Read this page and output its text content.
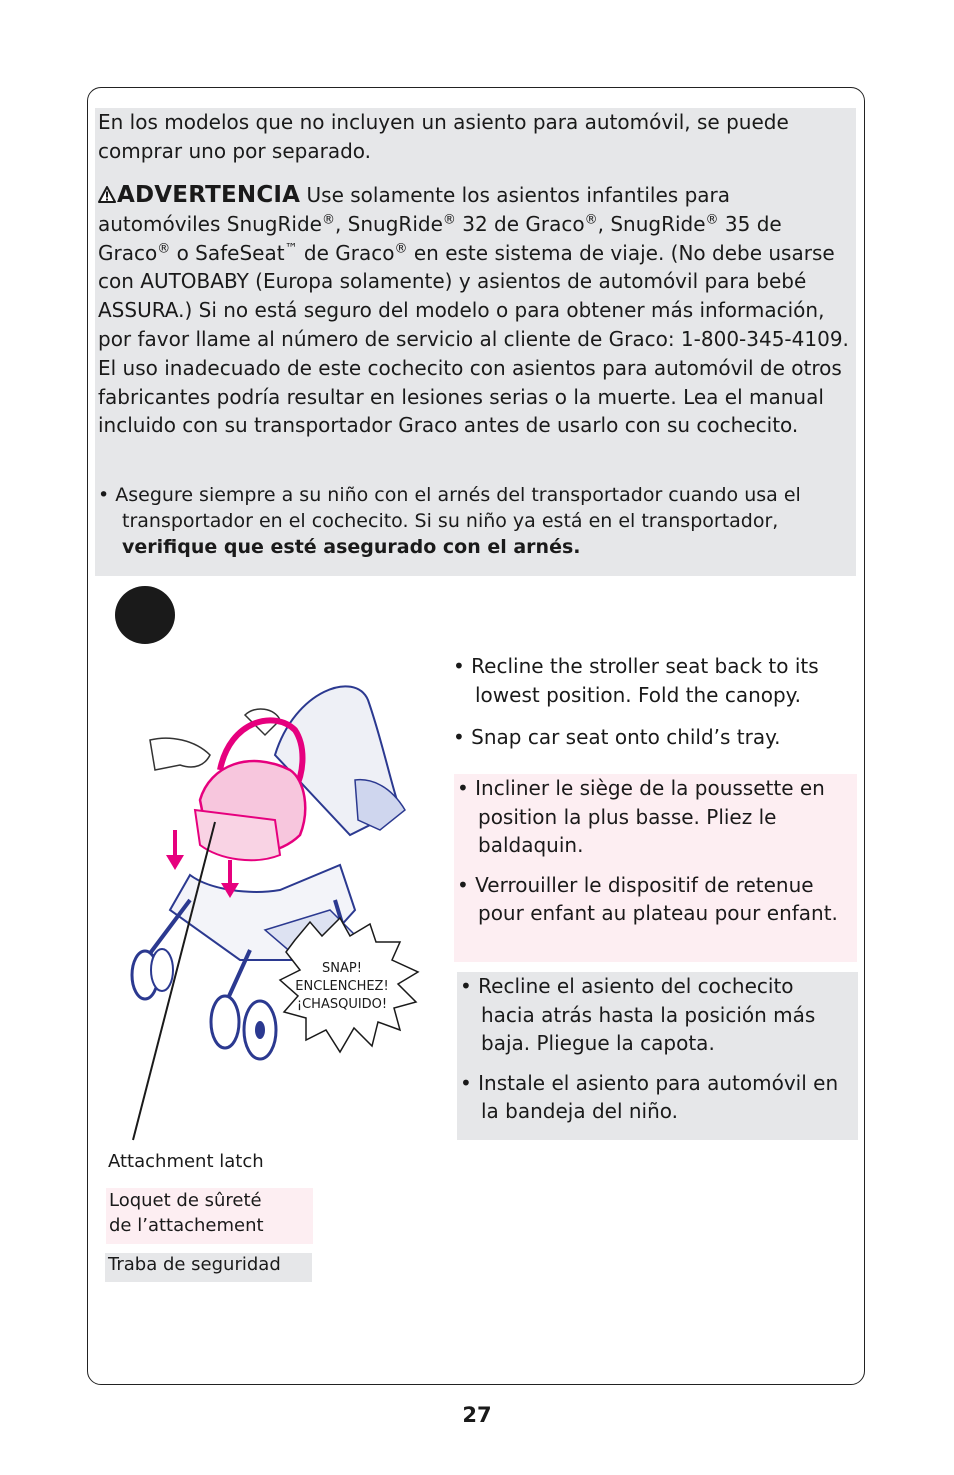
En los modelos que no incluyen un asiento para automóvil, se puede comprar uno por separado.

ADVERTENCIA Use solamente los asientos infantiles para automóviles SnugRide®, SnugRide® 32 de Graco®, SnugRide® 35 de Graco® o SafeSeat™ de Graco® en este sistema de viaje. (No debe usarse con AUTOBABY (Europa solamente) y asientos de automóvil para bebé ASSURA.) Si no está seguro del modelo o para obtener más información, por favor llame al número de servicio al cliente de Graco: 1-800-345-4109. El uso inadecuado de este cochecito con asientos para automóvil de otros fabricantes podría resultar en lesiones serias o la muerte. Lea el manual incluido con su transportador Graco antes de usarlo con su cochecito.

• Asegure siempre a su niño con el arnés del transportador cuando usa el transportador en el cochecito. Si su niño ya está en el transportador, verifique que esté asegurado con el arnés.

SNAP!
ENCLENCHEZ!
¡CHASQUIDO!

• Recline the stroller seat back to its lowest position. Fold the canopy.

• Snap car seat onto child’s tray.

• Incliner le siège de la poussette en position la plus basse. Pliez le baldaquin.

• Verrouiller le dispositif de retenue pour enfant au plateau pour enfant.

• Recline el asiento del cochecito hacia atrás hasta la posición más baja. Pliegue la capota.

• Instale el asiento para automóvil en la bandeja del niño.

Attachment latch
Loquet de sûreté
de l’attachement
Traba de seguridad
27
